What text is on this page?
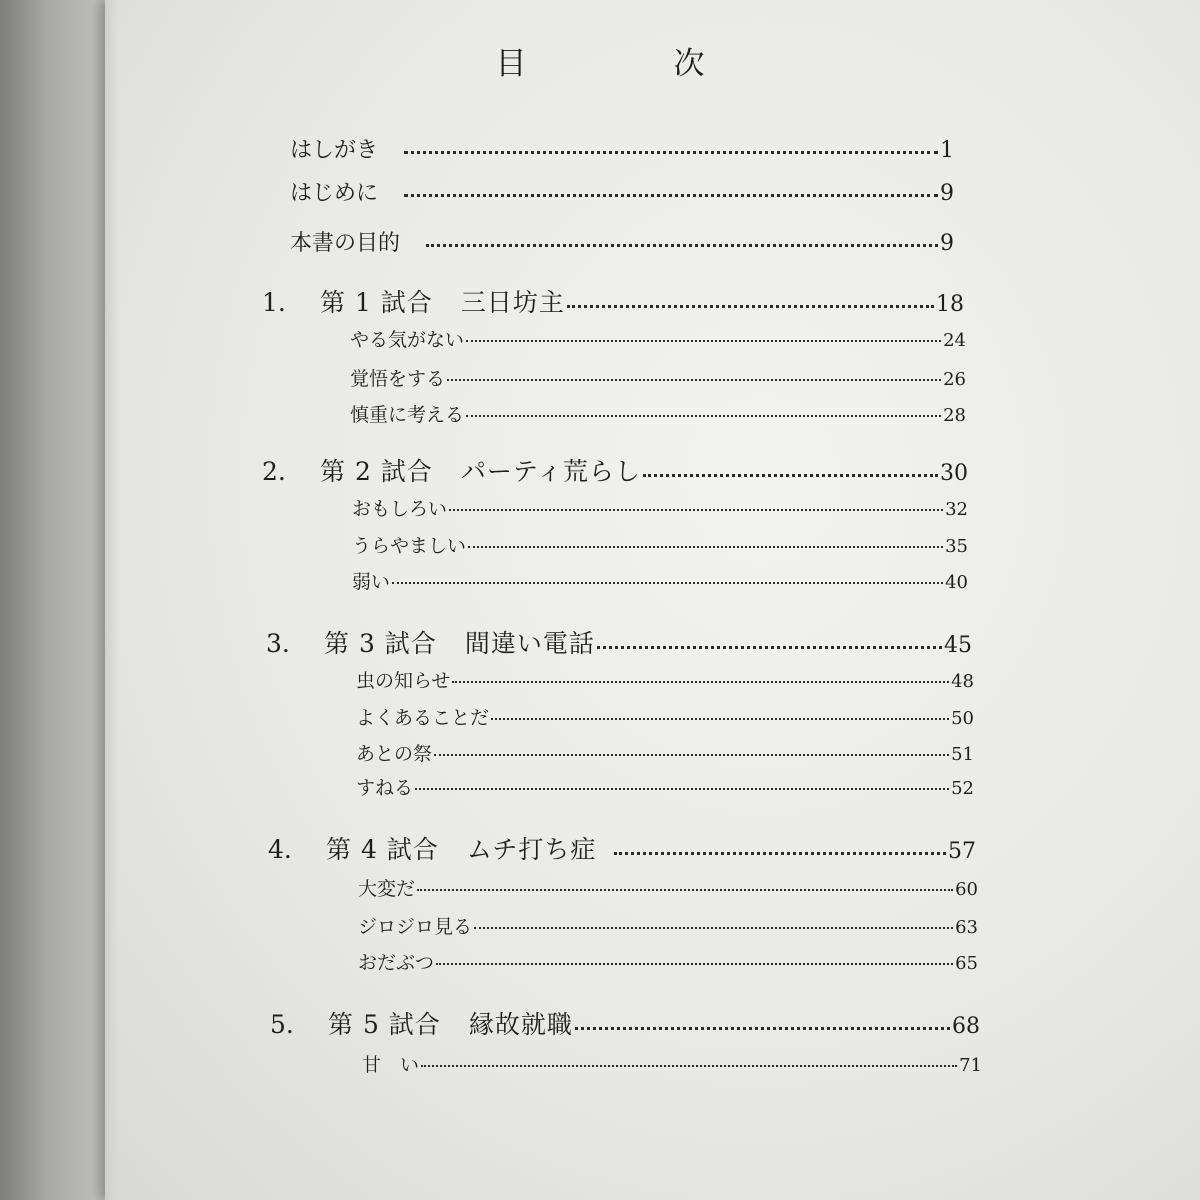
目　次
はしがき	1
はじめに	9
本書の目的	9
1.	第 1 試合 三日坊主	18
やる気がない	24
覚悟をする	26
慎重に考える	28
2.	第 2 試合 パーティ荒らし	30
おもしろい	32
うらやましい	35
弱い	40
3.	第 3 試合 間違い電話	45
虫の知らせ	48
よくあることだ	50
あとの祭	51
すねる	52
4.	第 4 試合 ムチ打ち症	57
大変だ	60
ジロジロ見る	63
おだぶつ	65
5.	第 5 試合 縁故就職	68
甘　い	71
